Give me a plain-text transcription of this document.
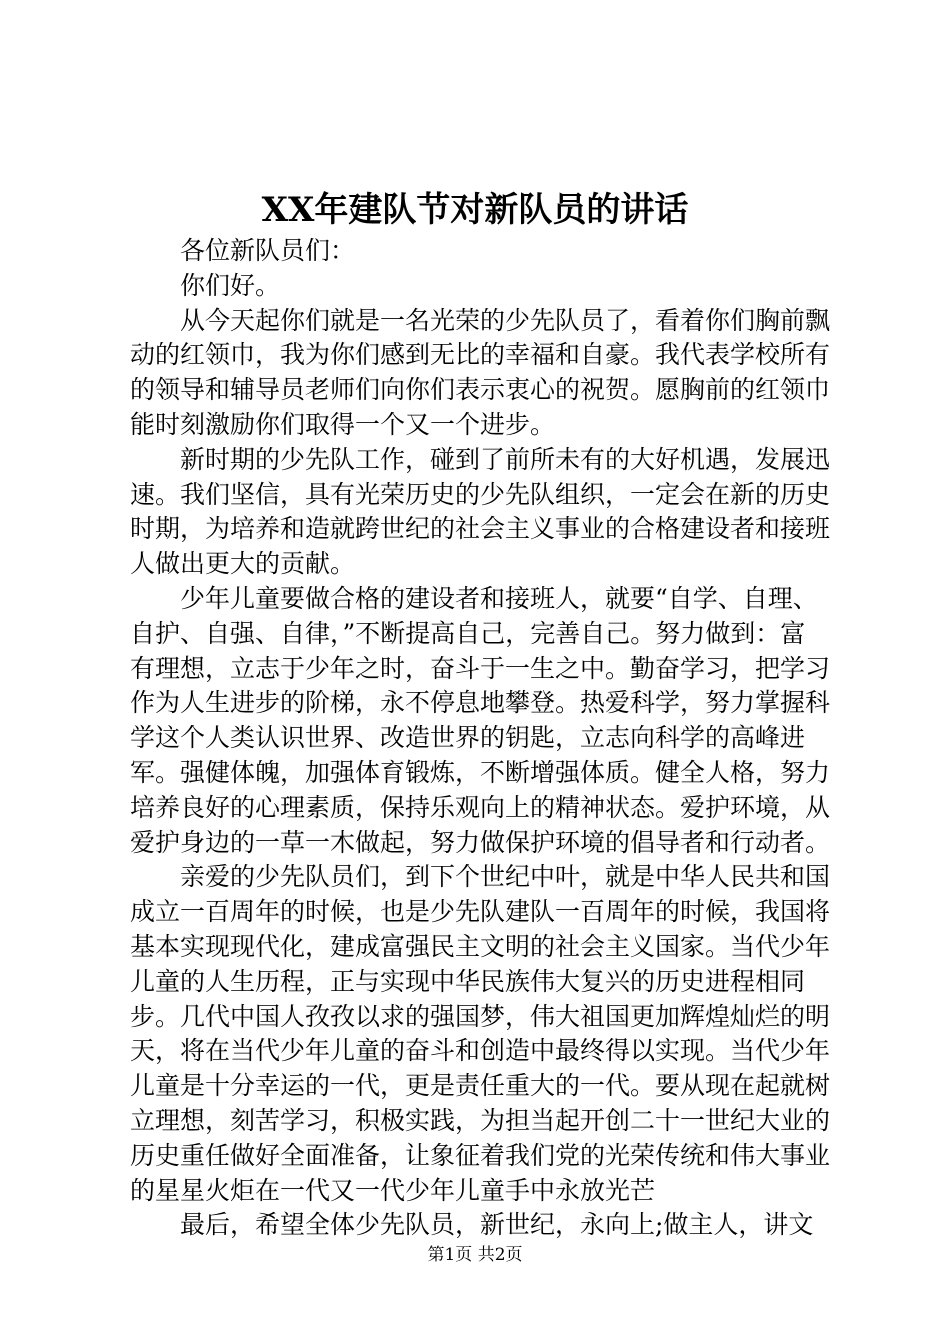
XX年建队节对新队员的讲话

各位新队员们：

你们好。

从今天起你们就是一名光荣的少先队员了，看着你们胸前飘动的红领巾，我为你们感到无比的幸福和自豪。我代表学校所有的领导和辅导员老师们向你们表示衷心的祝贺。愿胸前的红领巾能时刻激励你们取得一个又一个进步。

新时期的少先队工作，碰到了前所未有的大好机遇，发展迅速。我们坚信，具有光荣历史的少先队组织，一定会在新的历史时期，为培养和造就跨世纪的社会主义事业的合格建设者和接班人做出更大的贡献。

少年儿童要做合格的建设者和接班人，就要“自学、自理、自护、自强、自律，”不断提高自己，完善自己。努力做到：富有理想，立志于少年之时，奋斗于一生之中。勤奋学习，把学习作为人生进步的阶梯，永不停息地攀登。热爱科学，努力掌握科学这个人类认识世界、改造世界的钥匙，立志向科学的高峰进军。强健体魄，加强体育锻炼，不断增强体质。健全人格，努力培养良好的心理素质，保持乐观向上的精神状态。爱护环境，从爱护身边的一草一木做起，努力做保护环境的倡导者和行动者。

亲爱的少先队员们，到下个世纪中叶，就是中华人民共和国成立一百周年的时候，也是少先队建队一百周年的时候，我国将基本实现现代化，建成富强民主文明的社会主义国家。当代少年儿童的人生历程，正与实现中华民族伟大复兴的历史进程相同步。几代中国人孜孜以求的强国梦，伟大祖国更加辉煌灿烂的明天，将在当代少年儿童的奋斗和创造中最终得以实现。当代少年儿童是十分幸运的一代，更是责任重大的一代。要从现在起就树立理想，刻苦学习，积极实践，为担当起开创二十一世纪大业的历史重任做好全面准备，让象征着我们党的光荣传统和伟大事业的星星火炬在一代又一代少年儿童手中永放光芒

最后，希望全体少先队员，新世纪，永向上;做主人，讲文

第1页 共2页
